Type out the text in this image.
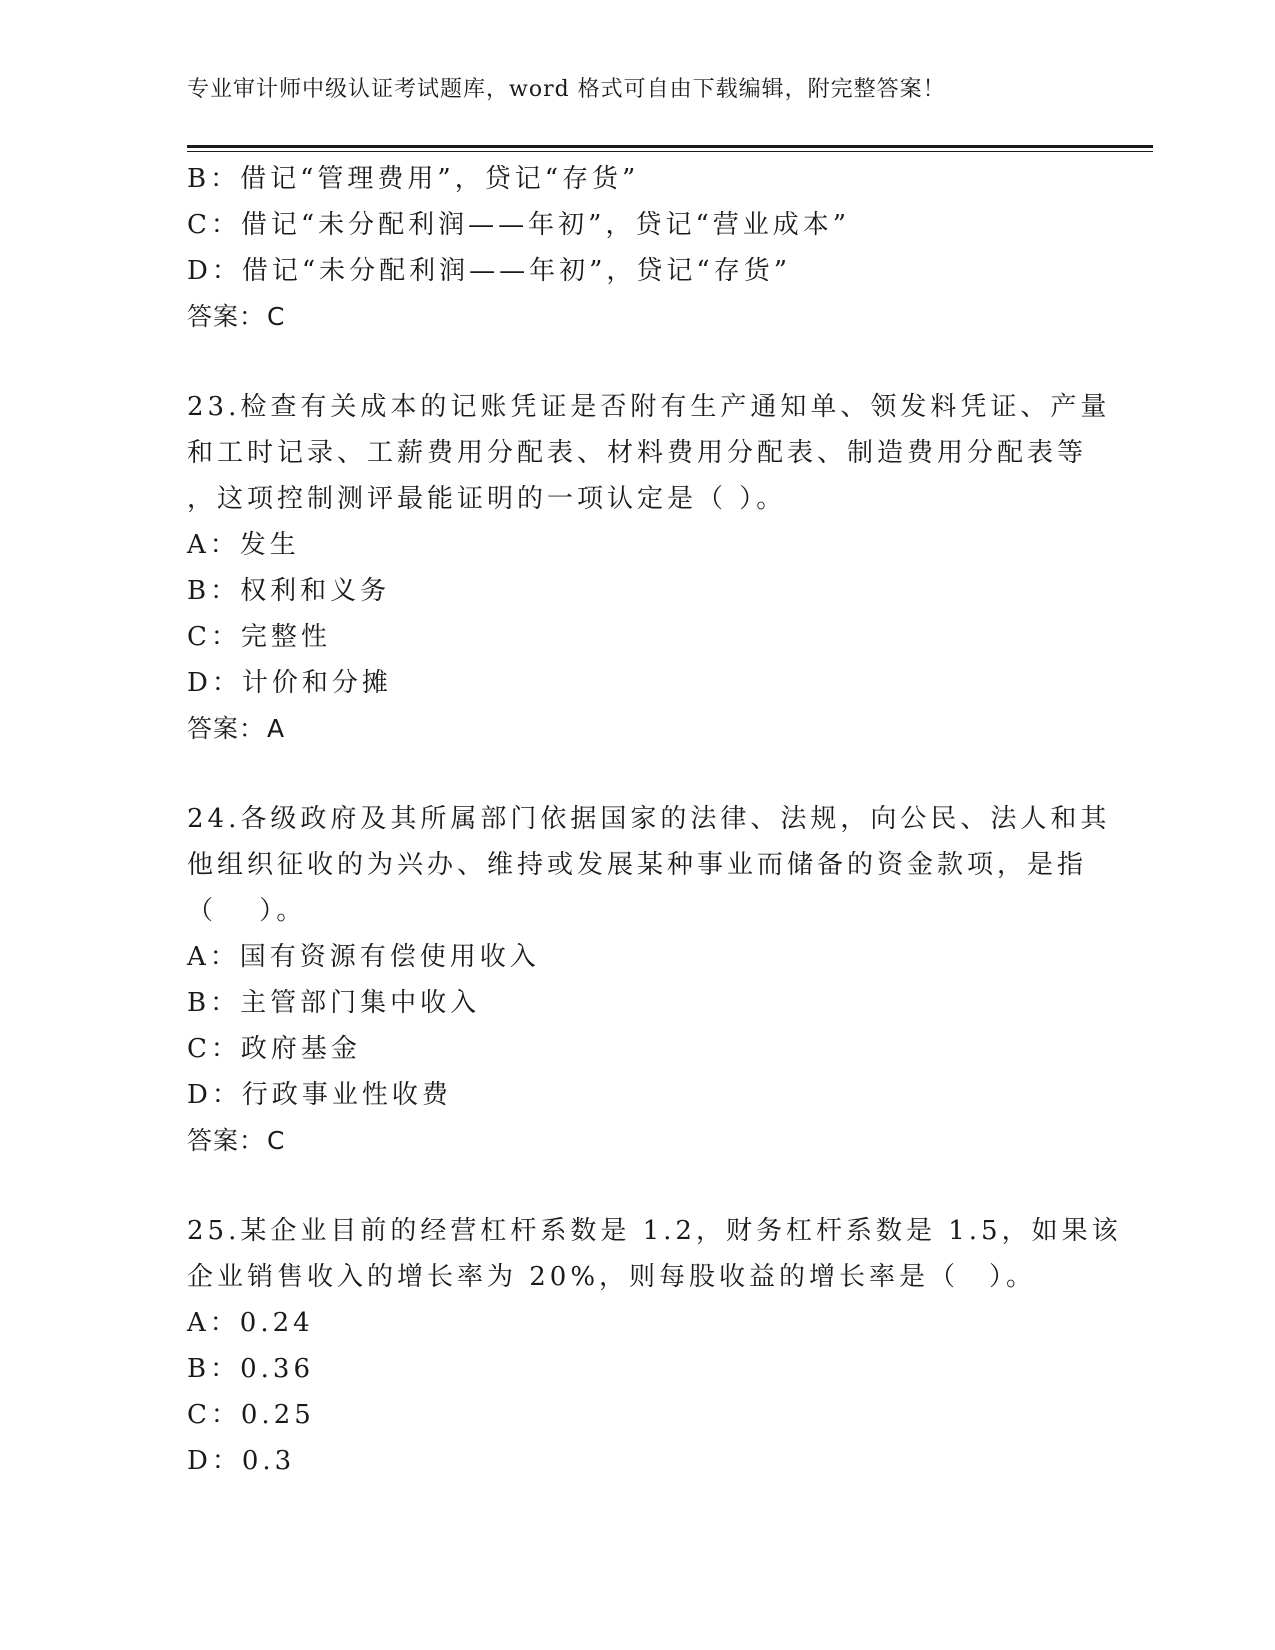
专业审计师中级认证考试题库，word 格式可自由下载编辑，附完整答案！
B：借记“管理费用”，贷记“存货”
C：借记“未分配利润——年初”，贷记“营业成本”
D：借记“未分配利润——年初”，贷记“存货”
答案：C
23.检查有关成本的记账凭证是否附有生产通知单、领发料凭证、产量
和工时记录、工薪费用分配表、材料费用分配表、制造费用分配表等
，这项控制测评最能证明的一项认定是（ ）。
A：发生
B：权利和义务
C：完整性
D：计价和分摊
答案：A
24.各级政府及其所属部门依据国家的法律、法规，向公民、法人和其
他组织征收的为兴办、维持或发展某种事业而储备的资金款项，是指
（　 ）。
A：国有资源有偿使用收入
B：主管部门集中收入
C：政府基金
D：行政事业性收费
答案：C
25.某企业目前的经营杠杆系数是 1.2，财务杠杆系数是 1.5，如果该
企业销售收入的增长率为 20%，则每股收益的增长率是（　）。
A：0.24
B：0.36
C：0.25
D：0.3
